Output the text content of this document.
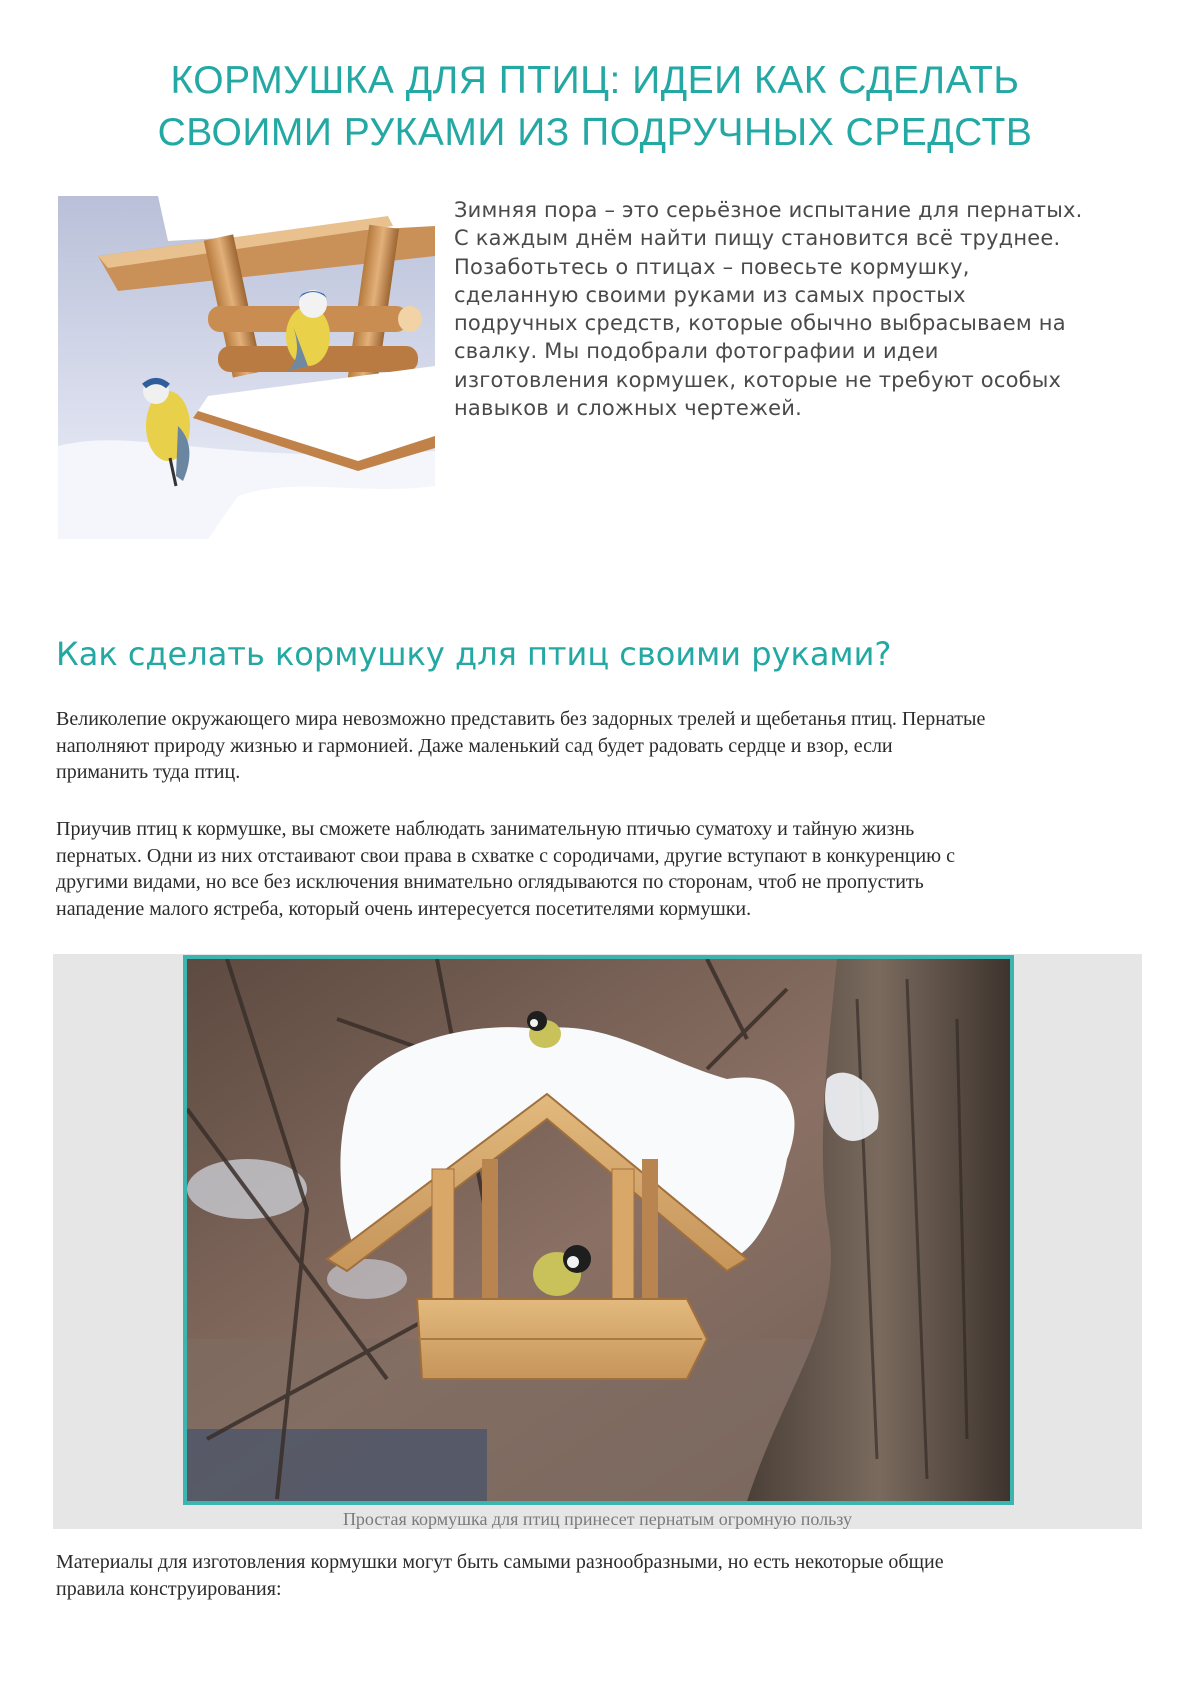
КОРМУШКА ДЛЯ ПТИЦ: ИДЕИ КАК СДЕЛАТЬ
СВОИМИ РУКАМИ ИЗ ПОДРУЧНЫХ СРЕДСТВ
Зимняя пора – это серьёзное испытание для пернатых.
С каждым днём найти пищу становится всё труднее.
Позаботьтесь о птицах – повесьте кормушку,
сделанную своими руками из самых простых
подручных средств, которые обычно выбрасываем на
свалку. Мы подобрали фотографии и идеи
изготовления кормушек, которые не требуют особых
навыков и сложных чертежей.
Как сделать кормушку для птиц своими руками?
Великолепие окружающего мира невозможно представить без задорных трелей и щебетанья птиц. Пернатые
наполняют природу жизнью и гармонией. Даже маленький сад будет радовать сердце и взор, если
приманить туда птиц.
Приучив птиц к кормушке, вы сможете наблюдать занимательную птичью суматоху и тайную жизнь
пернатых. Одни из них отстаивают свои права в схватке с сородичами, другие вступают в конкуренцию с
другими видами, но все без исключения внимательно оглядываются по сторонам, чтоб не пропустить
нападение малого ястреба, который очень интересуется посетителями кормушки.
Простая кормушка для птиц принесет пернатым огромную пользу
Материалы для изготовления кормушки могут быть самыми разнообразными, но есть некоторые общие
правила конструирования:
